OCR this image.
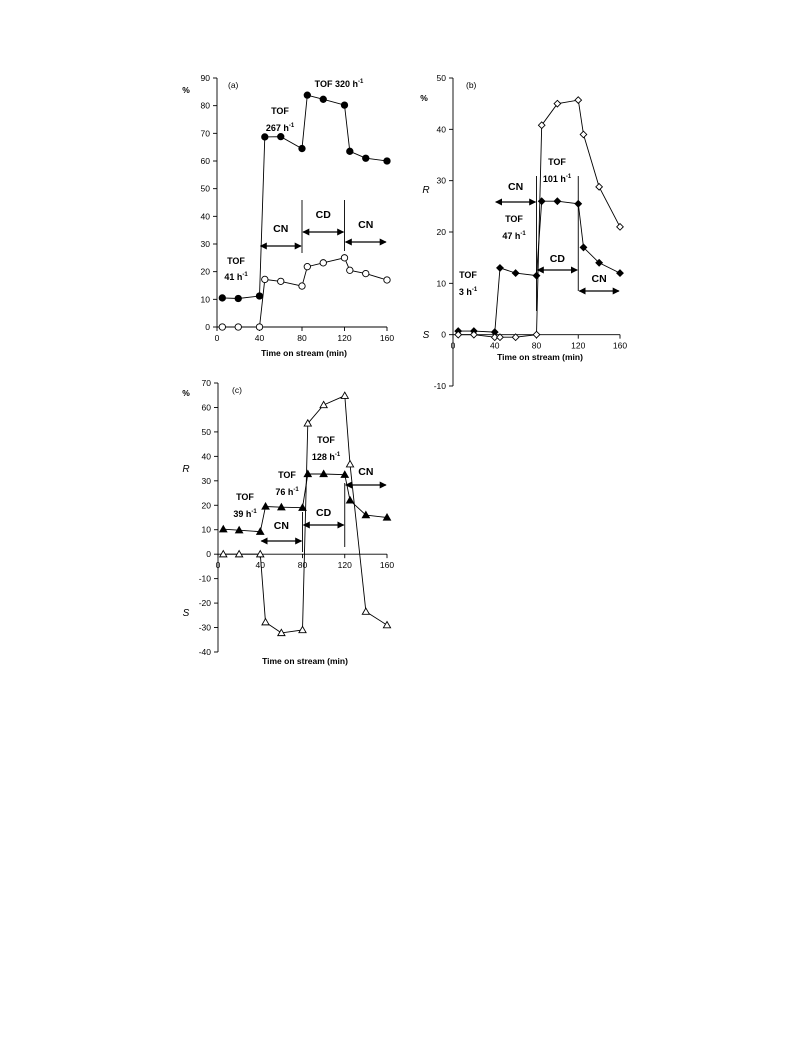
0
10
20
30
40
50
60
70
80
90
0	40	80	120	160
Time on stream (min)
(a)
%
CN
CD
CN
TOF
41 $h^{-1}$
TOF
267 $h^{-1}$
TOF 320 $h^{-1}$
-10
0
10
20
30
40
50
0	40	80	120	160
Time on stream (min)
(b)
%
R
S
CN
CD
CN
TOF
3 $h^{-1}$
TOF
47 $h^{-1}$
TOF
101 $h^{-1}$
-40
-30
-20
-10
0
10
20
30
40
50
60
70
0	40	80	120	160
Time on stream (min)
(c)
%
R
S
CN
CD
CN
TOF
39 $h^{-1}$
TOF
76 $h^{-1}$
TOF
128 $h^{-1}$
